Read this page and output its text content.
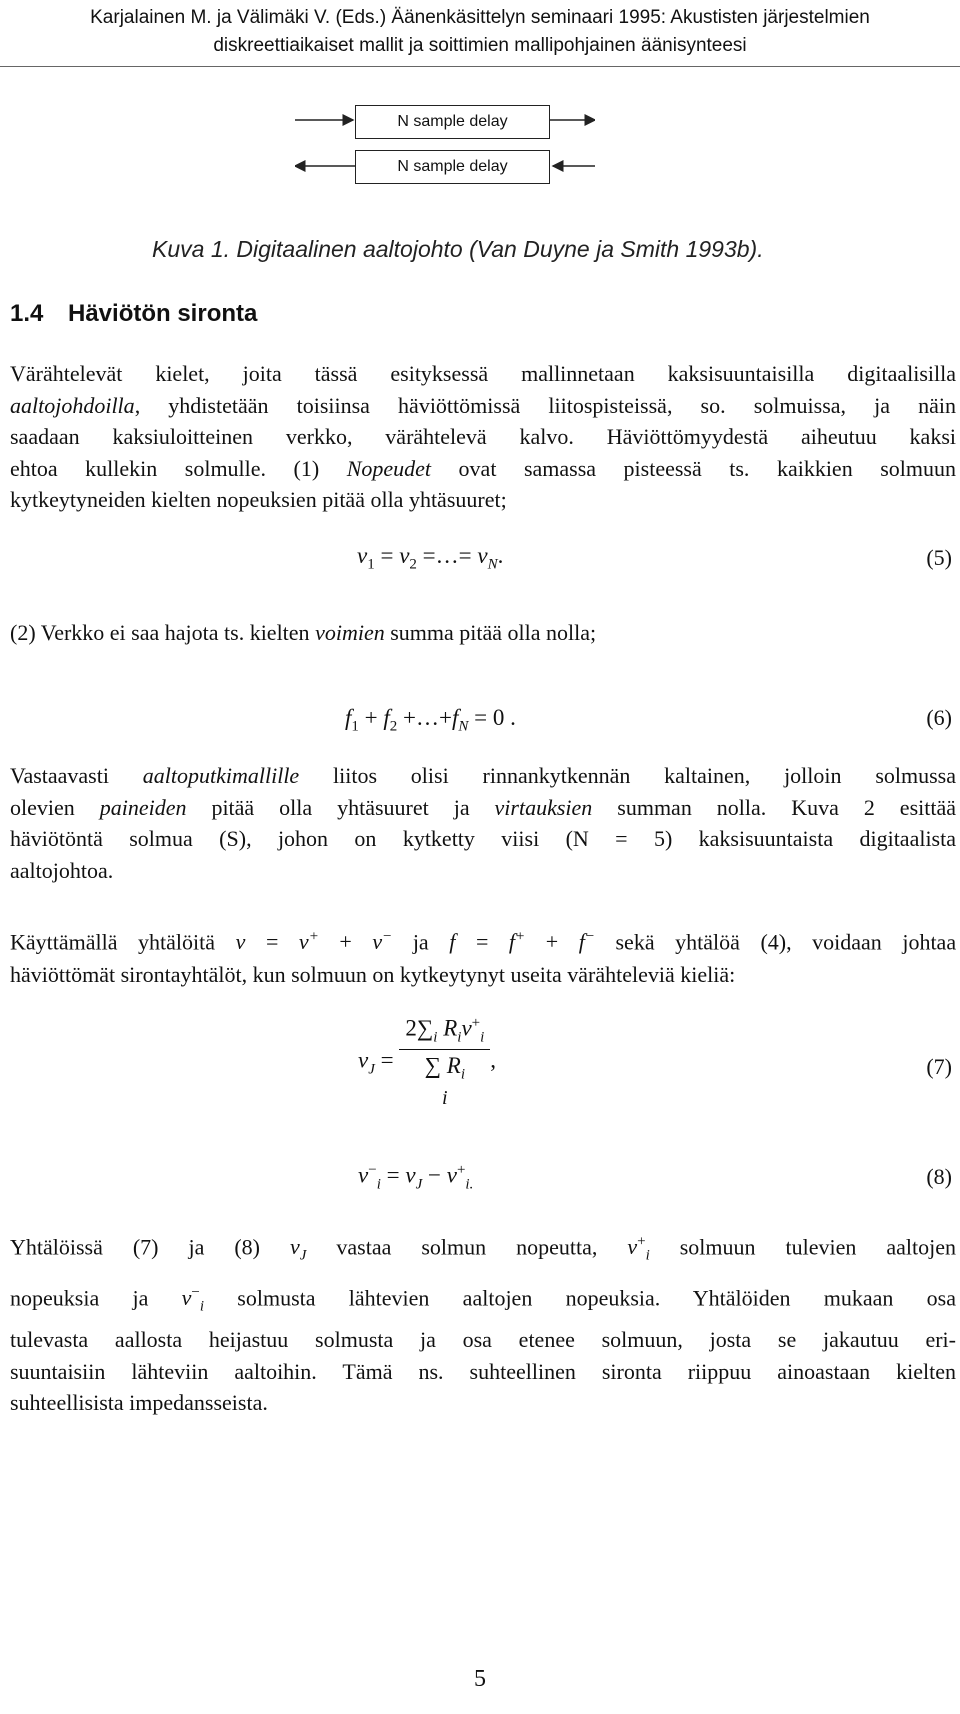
Karjalainen M. ja Välimäki V. (Eds.) Äänenkäsittelyn seminaari 1995: Akustisten järjestelmien
diskreettiaikaiset mallit ja soittimien mallipohjainen äänisynteesi
N sample delay
N sample delay
Kuva 1. Digitaalinen aaltojohto (Van Duyne ja Smith 1993b).
1.4 Häviötön sironta
Värähtelevät kielet, joita tässä esityksessä mallinnetaan kaksisuuntaisilla digitaalisilla
aaltojohdoilla, yhdistetään toisiinsa häviöttömissä liitospisteissä, so. solmuissa, ja näin
saadaan kaksiuloitteinen verkko, värähtelevä kalvo. Häviöttömyydestä aiheutuu kaksi
ehtoa kullekin solmulle. (1) Nopeudet ovat samassa pisteessä ts. kaikkien solmuun
kytkeytyneiden kielten nopeuksien pitää olla yhtäsuuret;
$v_1 = v_2$ =…= $v_N$.	(5)
(2) Verkko ei saa hajota ts. kielten voimien summa pitää olla nolla;
$f_1 + f_2$ $+\dots+f_N = 0$ .	(6)
Vastaavasti aaltoputkimallille liitos olisi rinnankytkennän kaltainen, jolloin solmussa
olevien paineiden pitää olla yhtäsuuret ja virtauksien summan nolla. Kuva 2 esittää
häviötöntä solmua (S), johon on kytketty viisi (N = 5) kaksisuuntaista digitaalista
aaltojohtoa.
Käyttämällä yhtälöitä v = v+ + v− ja f = f+ + f− sekä yhtälöä (4), voidaan johtaa
häviöttömät sirontayhtälöt, kun solmuun on kytkeytynyt useita värähteleviä kieliä:
$v_J$ =
$2\sum_i$ $R_iv^+_i$
∑ $R_i$
i
,	(7)
$v^-_i = v_J - v^+_{i.}$	(8)
Yhtälöissä (7) ja (8) $v_J$ vastaa solmun nopeutta, $v^+_i$ solmuun tulevien aaltojen
nopeuksia ja $v^-_i$ solmusta lähtevien aaltojen nopeuksia. Yhtälöiden mukaan osa
tulevasta aallosta heijastuu solmusta ja osa etenee solmuun, josta se jakautuu eri-
suuntaisiin lähteviin aaltoihin. Tämä ns. suhteellinen sironta riippuu ainoastaan kielten
suhteellisista impedansseista.
5
